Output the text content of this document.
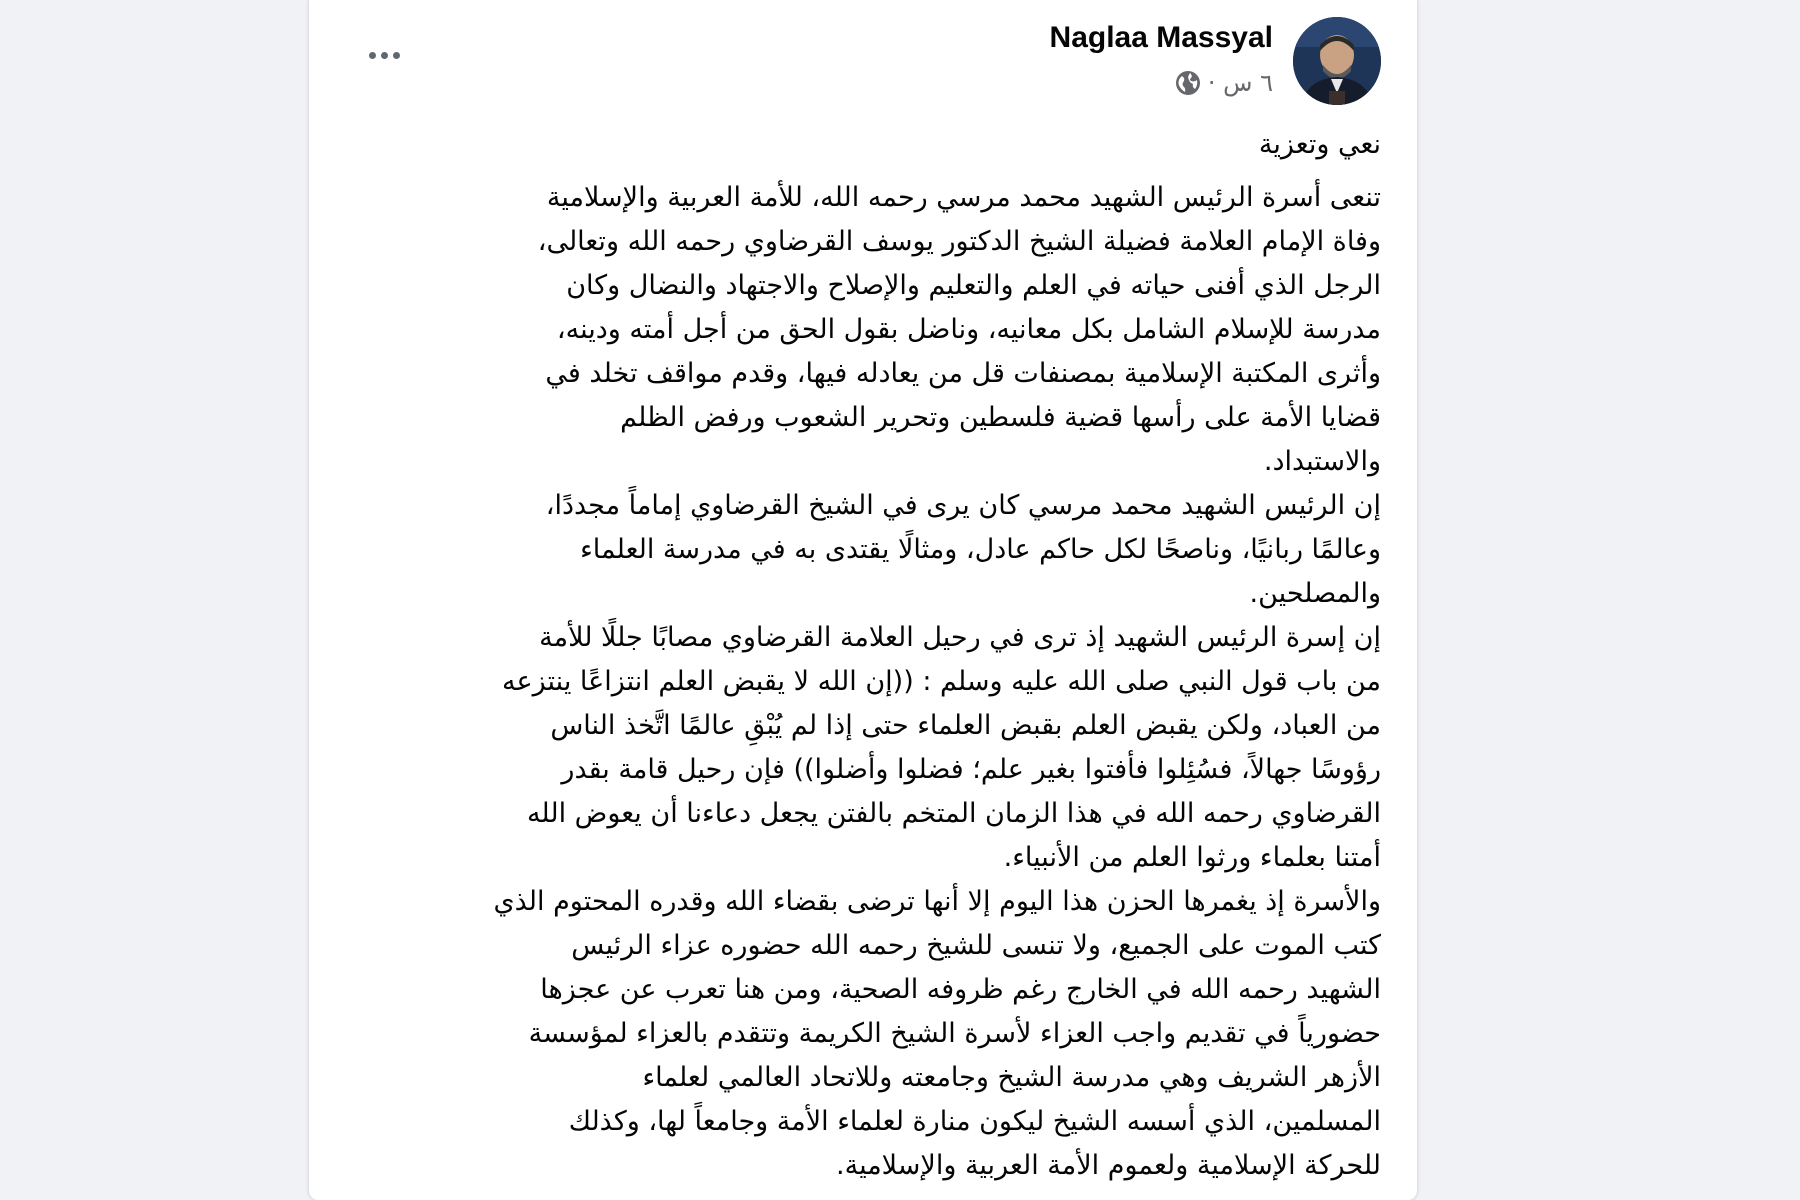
Naglaa Massyal
٦ س ·
نعي وتعزية
تنعى أسرة الرئيس الشهيد محمد مرسي رحمه الله، للأمة العربية والإسلامية
وفاة الإمام العلامة فضيلة الشيخ الدكتور يوسف القرضاوي رحمه الله وتعالى،
الرجل الذي أفنى حياته في العلم والتعليم والإصلاح والاجتهاد والنضال وكان
مدرسة للإسلام الشامل بكل معانيه، وناضل بقول الحق من أجل أمته ودينه،
وأثرى المكتبة الإسلامية بمصنفات قل من يعادله فيها، وقدم مواقف تخلد في
قضايا الأمة على رأسها قضية فلسطين وتحرير الشعوب ورفض الظلم
والاستبداد.
إن الرئيس الشهيد محمد مرسي كان يرى في الشيخ القرضاوي إماماً مجددًا،
وعالمًا ربانيًا، وناصحًا لكل حاكم عادل، ومثالًا يقتدى به في مدرسة العلماء
والمصلحين.
إن إسرة الرئيس الشهيد إذ ترى في رحيل العلامة القرضاوي مصابًا جللًا للأمة
من باب قول النبي صلى الله عليه وسلم : ((إن الله لا يقبض العلم انتزاعًا ينتزعه
من العباد، ولكن يقبض العلم بقبض العلماء حتى إذا لم يُبْقِ عالمًا اتَّخذ الناس
رؤوسًا جهالاً، فسُئِلوا فأفتوا بغير علم؛ فضلوا وأضلوا)) فإن رحيل قامة بقدر
القرضاوي رحمه الله في هذا الزمان المتخم بالفتن يجعل دعاءنا أن يعوض الله
أمتنا بعلماء ورثوا العلم من الأنبياء.
والأسرة إذ يغمرها الحزن هذا اليوم إلا أنها ترضى بقضاء الله وقدره المحتوم الذي
كتب الموت على الجميع، ولا تنسى للشيخ رحمه الله حضوره عزاء الرئيس
الشهيد رحمه الله في الخارج رغم ظروفه الصحية، ومن هنا تعرب عن عجزها
حضورياً في تقديم واجب العزاء لأسرة الشيخ الكريمة وتتقدم بالعزاء لمؤسسة
الأزهر الشريف وهي مدرسة الشيخ وجامعته وللاتحاد العالمي لعلماء
المسلمين، الذي أسسه الشيخ ليكون منارة لعلماء الأمة وجامعاً لها، وكذلك
للحركة الإسلامية ولعموم الأمة العربية والإسلامية.
